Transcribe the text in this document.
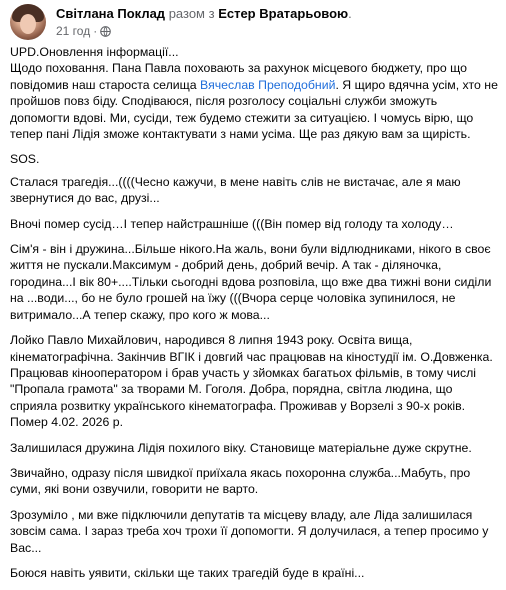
Світлана Поклад разом з Естер Вратарьовою.
21 год ·
UPD.Оновлення інформації...
Щодо поховання. Пана Павла поховають за рахунок місцевого бюджету, про що повідомив наш староста селища Вячеслав Преподобний. Я щиро вдячна усім, хто не пройшов повз біду. Сподіваюся, після розголосу соціальні служби зможуть допомогти вдові. Ми, сусіди, теж будемо стежити за ситуацією. І чомусь вірю, що тепер пані Лідія зможе контактувати з нами усіма. Ще раз дякую вам за щирість.
SOS.
Сталася трагедія...((((Чесно кажучи, в мене навіть слів не вистачає, але я маю звернутися до вас, друзі...
Вночі помер сусід…І тепер найстрашніше (((Він помер від голоду та холоду…
Сім'я - він і дружина...Більше нікого.На жаль, вони були відлюдниками, нікого в своє життя не пускали.Максимум - добрий день, добрий вечір. А так - діляночка, городина...І вік 80+....Тільки сьогодні вдова розповіла, що вже два тижні вони сиділи на ...води..., бо не було грошей на їжу (((Вчора серце чоловіка зупинилося, не витримало...А тепер скажу, про кого ж мова...
Лойко Павло Михайлович, народився 8 липня 1943 року. Освіта вища, кінематографічна. Закінчив ВГІК і довгий час працював на кіностудії ім. О.Довженка. Працював кінооператором і брав участь у зйомках багатьох фільмів, в тому числі "Пропала грамота" за творами М. Гоголя. Добра, порядна, світла людина, що сприяла розвитку українського кінематографа. Проживав у Ворзелі з 90-х років. Помер 4.02. 2026 р.
Залишилася дружина Лідія похилого віку. Становище матеріальне дуже скрутне.
Звичайно, одразу після швидкої приїхала якась похоронна служба...Мабуть, про суми, які вони озвучили, говорити не варто.
Зрозуміло , ми вже підключили депутатів та місцеву владу, але Ліда залишилася зовсім сама. І зараз треба хоч трохи її допомогти. Я долучилася, а тепер просимо у Вас...
Боюся навіть уявити, скільки ще таких трагедій буде в країні...
